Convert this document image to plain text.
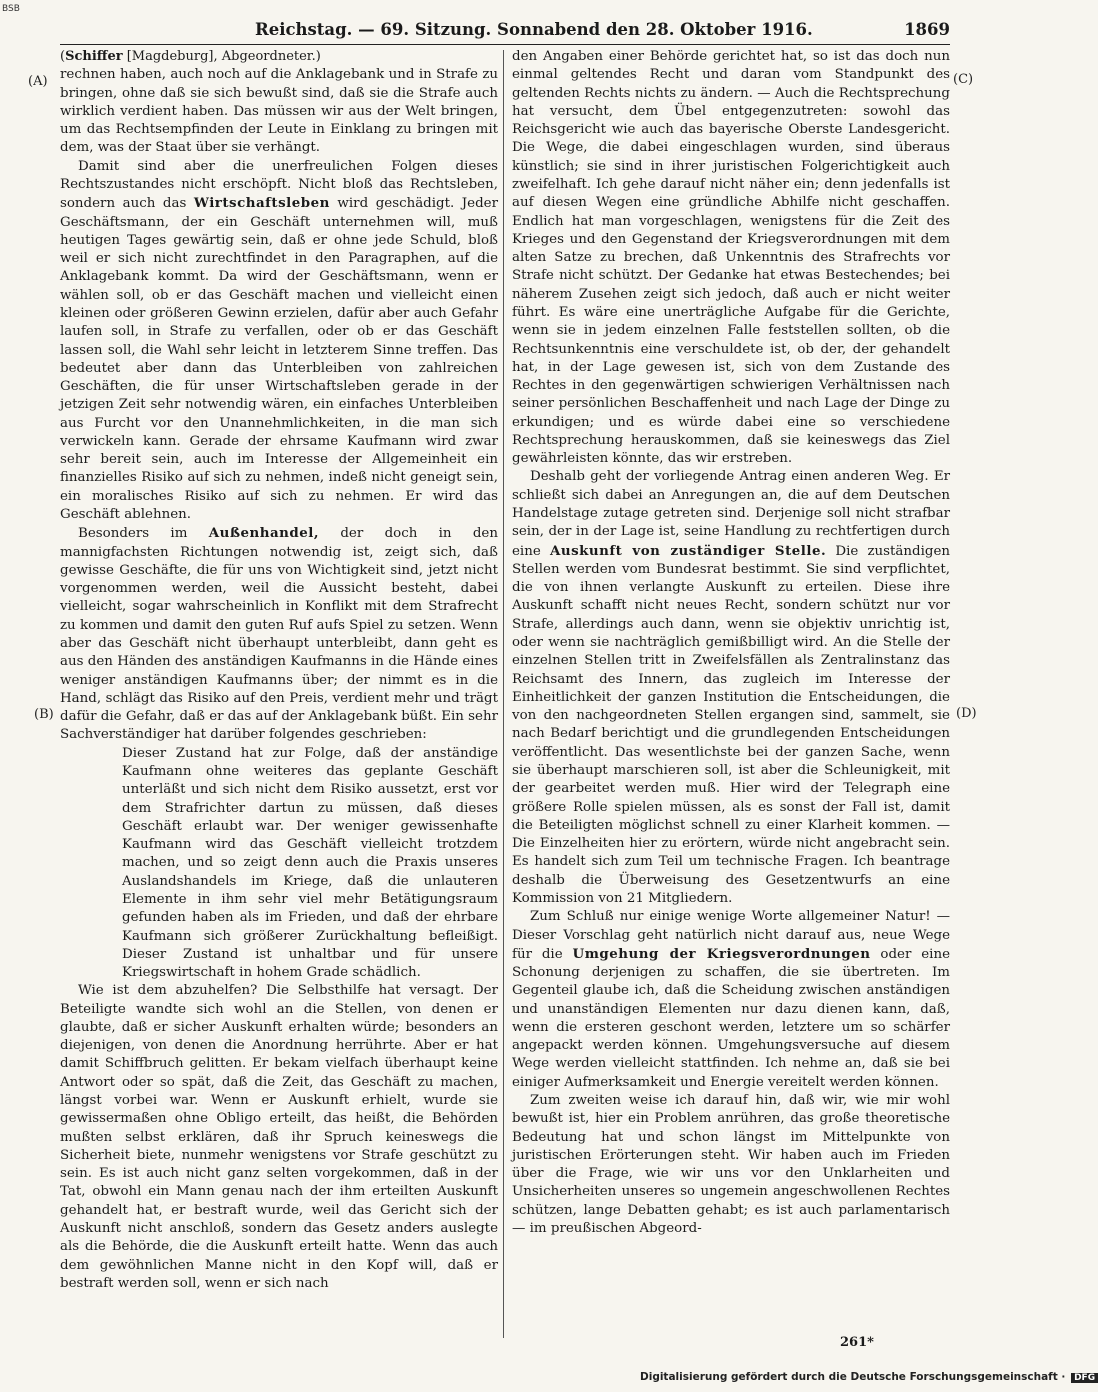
BSB
Reichstag. — 69. Sitzung. Sonnabend den 28. Oktober 1916.	1869
(A)
(B)
(C)
(D)

(Schiffer [Magdeburg], Abgeordneter.)

rechnen haben, auch noch auf die Anklagebank und in Strafe zu bringen, ohne daß sie sich bewußt sind, daß sie die Strafe auch wirklich verdient haben. Das müssen wir aus der Welt bringen, um das Rechtsempfinden der Leute in Einklang zu bringen mit dem, was der Staat über sie verhängt.

Damit sind aber die unerfreulichen Folgen dieses Rechtszustandes nicht erschöpft. Nicht bloß das Rechtsleben, sondern auch das Wirtschaftsleben wird geschädigt. Jeder Geschäftsmann, der ein Geschäft unternehmen will, muß heutigen Tages gewärtig sein, daß er ohne jede Schuld, bloß weil er sich nicht zurechtfindet in den Paragraphen, auf die Anklagebank kommt. Da wird der Geschäftsmann, wenn er wählen soll, ob er das Geschäft machen und vielleicht einen kleinen oder größeren Gewinn erzielen, dafür aber auch Gefahr laufen soll, in Strafe zu verfallen, oder ob er das Geschäft lassen soll, die Wahl sehr leicht in letzterem Sinne treffen. Das bedeutet aber dann das Unterbleiben von zahlreichen Geschäften, die für unser Wirtschaftsleben gerade in der jetzigen Zeit sehr notwendig wären, ein einfaches Unterbleiben aus Furcht vor den Unannehmlichkeiten, in die man sich verwickeln kann. Gerade der ehrsame Kaufmann wird zwar sehr bereit sein, auch im Interesse der Allgemeinheit ein finanzielles Risiko auf sich zu nehmen, indeß nicht geneigt sein, ein moralisches Risiko auf sich zu nehmen. Er wird das Geschäft ablehnen.

Besonders im Außenhandel, der doch in den mannigfachsten Richtungen notwendig ist, zeigt sich, daß gewisse Geschäfte, die für uns von Wichtigkeit sind, jetzt nicht vorgenommen werden, weil die Aussicht besteht, dabei vielleicht, sogar wahrscheinlich in Konflikt mit dem Strafrecht zu kommen und damit den guten Ruf aufs Spiel zu setzen. Wenn aber das Geschäft nicht überhaupt unterbleibt, dann geht es aus den Händen des anständigen Kaufmanns in die Hände eines weniger anständigen Kaufmanns über; der nimmt es in die Hand, schlägt das Risiko auf den Preis, verdient mehr und trägt dafür die Gefahr, daß er das auf der Anklagebank büßt. Ein sehr Sachverständiger hat darüber folgendes geschrieben:

Dieser Zustand hat zur Folge, daß der anständige Kaufmann ohne weiteres das geplante Geschäft unterläßt und sich nicht dem Risiko aussetzt, erst vor dem Strafrichter dartun zu müssen, daß dieses Geschäft erlaubt war. Der weniger gewissenhafte Kaufmann wird das Geschäft vielleicht trotzdem machen, und so zeigt denn auch die Praxis unseres Auslandshandels im Kriege, daß die unlauteren Elemente in ihm sehr viel mehr Betätigungsraum gefunden haben als im Frieden, und daß der ehrbare Kaufmann sich größerer Zurückhaltung befleißigt. Dieser Zustand ist unhaltbar und für unsere Kriegswirtschaft in hohem Grade schädlich.

Wie ist dem abzuhelfen? Die Selbsthilfe hat versagt. Der Beteiligte wandte sich wohl an die Stellen, von denen er glaubte, daß er sicher Auskunft erhalten würde; besonders an diejenigen, von denen die Anordnung herrührte. Aber er hat damit Schiffbruch gelitten. Er bekam vielfach überhaupt keine Antwort oder so spät, daß die Zeit, das Geschäft zu machen, längst vorbei war. Wenn er Auskunft erhielt, wurde sie gewissermaßen ohne Obligo erteilt, das heißt, die Behörden mußten selbst erklären, daß ihr Spruch keineswegs die Sicherheit biete, nunmehr wenigstens vor Strafe geschützt zu sein. Es ist auch nicht ganz selten vorgekommen, daß in der Tat, obwohl ein Mann genau nach der ihm erteilten Auskunft gehandelt hat, er bestraft wurde, weil das Gericht sich der Auskunft nicht anschloß, sondern das Gesetz anders auslegte als die Behörde, die die Auskunft erteilt hatte. Wenn das auch dem gewöhnlichen Manne nicht in den Kopf will, daß er bestraft werden soll, wenn er sich nach

den Angaben einer Behörde gerichtet hat, so ist das doch nun einmal geltendes Recht und daran vom Standpunkt des geltenden Rechts nichts zu ändern. — Auch die Rechtsprechung hat versucht, dem Übel entgegenzutreten: sowohl das Reichsgericht wie auch das bayerische Oberste Landesgericht. Die Wege, die dabei eingeschlagen wurden, sind überaus künstlich; sie sind in ihrer juristischen Folgerichtigkeit auch zweifelhaft. Ich gehe darauf nicht näher ein; denn jedenfalls ist auf diesen Wegen eine gründliche Abhilfe nicht geschaffen. Endlich hat man vorgeschlagen, wenigstens für die Zeit des Krieges und den Gegenstand der Kriegsverordnungen mit dem alten Satze zu brechen, daß Unkenntnis des Strafrechts vor Strafe nicht schützt. Der Gedanke hat etwas Bestechendes; bei näherem Zusehen zeigt sich jedoch, daß auch er nicht weiter führt. Es wäre eine unerträgliche Aufgabe für die Gerichte, wenn sie in jedem einzelnen Falle feststellen sollten, ob die Rechtsunkenntnis eine verschuldete ist, ob der, der gehandelt hat, in der Lage gewesen ist, sich von dem Zustande des Rechtes in den gegenwärtigen schwierigen Verhältnissen nach seiner persönlichen Beschaffenheit und nach Lage der Dinge zu erkundigen; und es würde dabei eine so verschiedene Rechtsprechung herauskommen, daß sie keineswegs das Ziel gewährleisten könnte, das wir erstreben.

Deshalb geht der vorliegende Antrag einen anderen Weg. Er schließt sich dabei an Anregungen an, die auf dem Deutschen Handelstage zutage getreten sind. Derjenige soll nicht strafbar sein, der in der Lage ist, seine Handlung zu rechtfertigen durch eine Auskunft von zuständiger Stelle. Die zuständigen Stellen werden vom Bundesrat bestimmt. Sie sind verpflichtet, die von ihnen verlangte Auskunft zu erteilen. Diese ihre Auskunft schafft nicht neues Recht, sondern schützt nur vor Strafe, allerdings auch dann, wenn sie objektiv unrichtig ist, oder wenn sie nachträglich gemißbilligt wird. An die Stelle der einzelnen Stellen tritt in Zweifelsfällen als Zentralinstanz das Reichsamt des Innern, das zugleich im Interesse der Einheitlichkeit der ganzen Institution die Entscheidungen, die von den nachgeordneten Stellen ergangen sind, sammelt, sie nach Bedarf berichtigt und die grundlegenden Entscheidungen veröffentlicht. Das wesentlichste bei der ganzen Sache, wenn sie überhaupt marschieren soll, ist aber die Schleunigkeit, mit der gearbeitet werden muß. Hier wird der Telegraph eine größere Rolle spielen müssen, als es sonst der Fall ist, damit die Beteiligten möglichst schnell zu einer Klarheit kommen. — Die Einzelheiten hier zu erörtern, würde nicht angebracht sein. Es handelt sich zum Teil um technische Fragen. Ich beantrage deshalb die Überweisung des Gesetzentwurfs an eine Kommission von 21 Mitgliedern.

Zum Schluß nur einige wenige Worte allgemeiner Natur! — Dieser Vorschlag geht natürlich nicht darauf aus, neue Wege für die Umgehung der Kriegsverordnungen oder eine Schonung derjenigen zu schaffen, die sie übertreten. Im Gegenteil glaube ich, daß die Scheidung zwischen anständigen und unanständigen Elementen nur dazu dienen kann, daß, wenn die ersteren geschont werden, letztere um so schärfer angepackt werden können. Umgehungsversuche auf diesem Wege werden vielleicht stattfinden. Ich nehme an, daß sie bei einiger Aufmerksamkeit und Energie vereitelt werden können.

Zum zweiten weise ich darauf hin, daß wir, wie mir wohl bewußt ist, hier ein Problem anrühren, das große theoretische Bedeutung hat und schon längst im Mittelpunkte von juristischen Erörterungen steht. Wir haben auch im Frieden über die Frage, wie wir uns vor den Unklarheiten und Unsicherheiten unseres so ungemein angeschwollenen Rechtes schützen, lange Debatten gehabt; es ist auch parlamentarisch — im preußischen Abgeord-

261*
Digitalisierung gefördert durch die Deutsche Forschungsgemeinschaft · DFG
